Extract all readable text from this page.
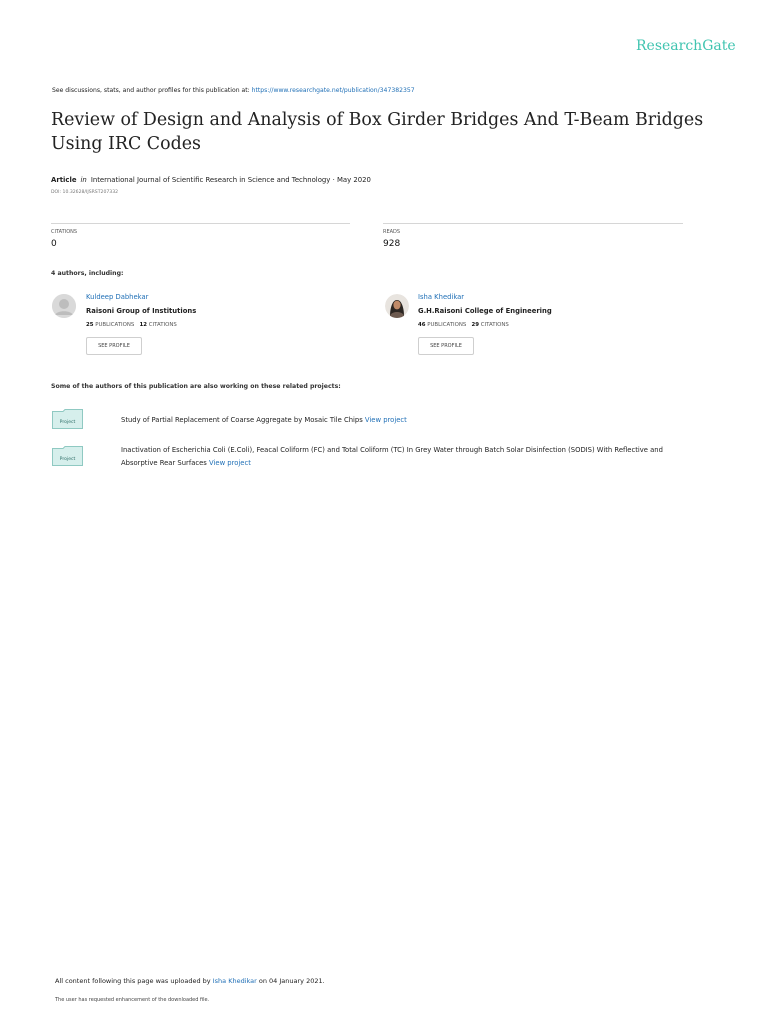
ResearchGate
See discussions, stats, and author profiles for this publication at: https://www.researchgate.net/publication/347382357
Review of Design and Analysis of Box Girder Bridges And T-Beam Bridges Using IRC Codes
Article in International Journal of Scientific Research in Science and Technology · May 2020
DOI: 10.32628/IJSRST207332
CITATIONS
0
READS
928
4 authors, including:
Kuldeep Dabhekar
Raisoni Group of Institutions
25 PUBLICATIONS 12 CITATIONS
SEE PROFILE
Isha Khedikar
G.H.Raisoni College of Engineering
46 PUBLICATIONS 29 CITATIONS
SEE PROFILE
Some of the authors of this publication are also working on these related projects:
Project	Study of Partial Replacement of Coarse Aggregate by Mosaic Tile Chips View project
Project
Inactivation of Escherichia Coli (E.Coli), Feacal Coliform (FC) and Total Coliform (TC) In Grey Water through Batch Solar Disinfection (SODIS) With Reflective and Absorptive Rear Surfaces View project
All content following this page was uploaded by Isha Khedikar on 04 January 2021.
The user has requested enhancement of the downloaded file.
